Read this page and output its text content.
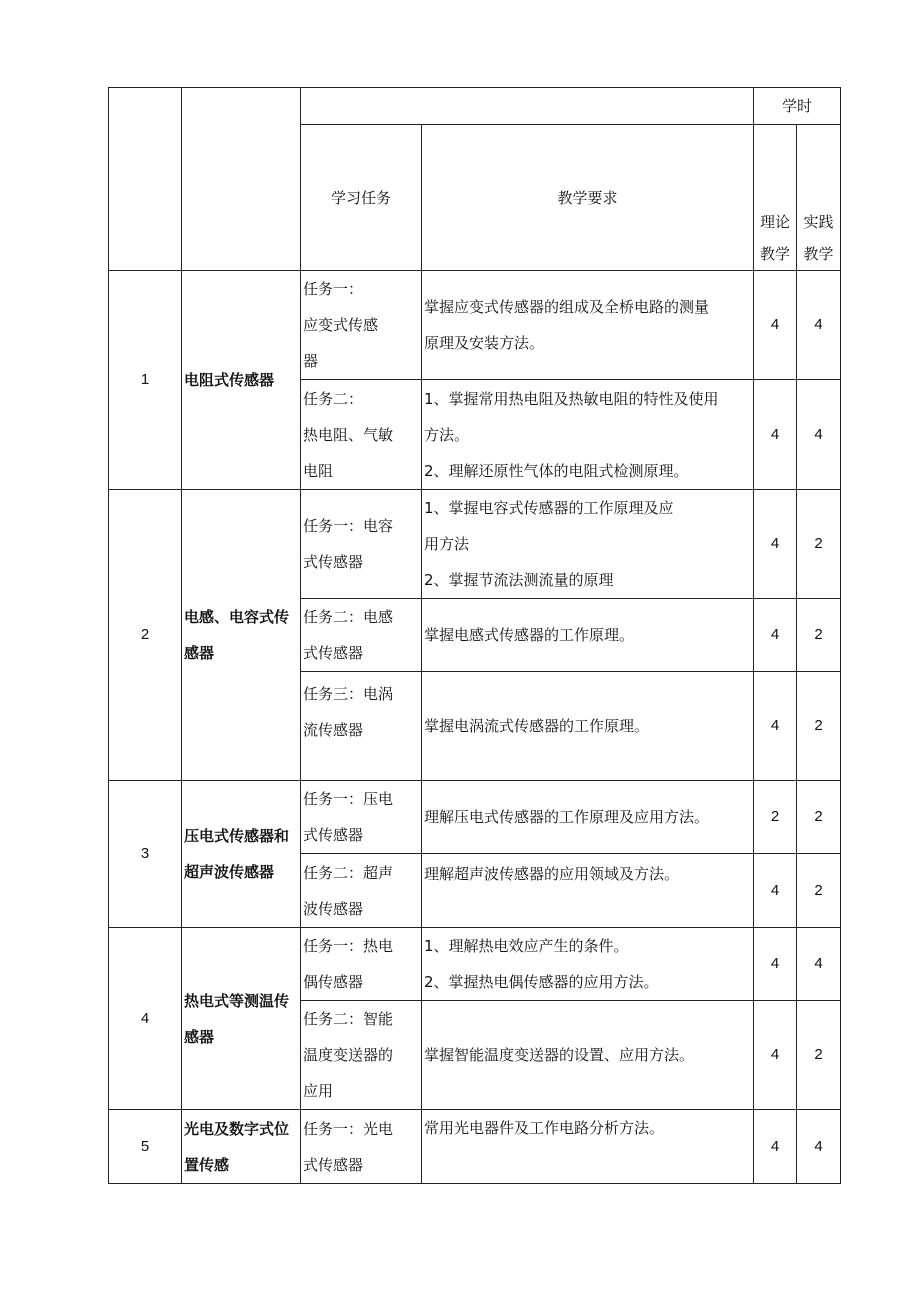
				学时	
		学习任务	教学要求	理论教学	实践教学
1	电阻式传感器	任务一：
应变式传感
器	掌握应变式传感器的组成及全桥电路的测量
原理及安装方法。	4	4

		任务二：
热电阻、气敏
电阻	1、掌握常用热电阻及热敏电阻的特性及使用
方法。
2、理解还原性气体的电阻式检测原理。	4	4
2	电感、电容式传感器	任务一：电容
式传感器	1、掌握电容式传感器的工作原理及应
用方法
2、掌握节流法测流量的原理	4	2

		任务二：电感
式传感器	掌握电感式传感器的工作原理。	4	2

		任务三：电涡
流传感器	掌握电涡流式传感器的工作原理。	4	2
3	压电式传感器和超声波传感器	任务一：压电
式传感器	理解压电式传感器的工作原理及应用方法。	2	2

		任务二：超声
波传感器	理解超声波传感器的应用领域及方法。	4	2
4	热电式等测温传感器	任务一：热电
偶传感器	1、理解热电效应产生的条件。
2、掌握热电偶传感器的应用方法。	4	4

		任务二：智能
温度变送器的
应用	掌握智能温度变送器的设置、应用方法。	4	2
5	光电及数字式位置传感	任务一：光电
式传感器	常用光电器件及工作电路分析方法。	4	4
